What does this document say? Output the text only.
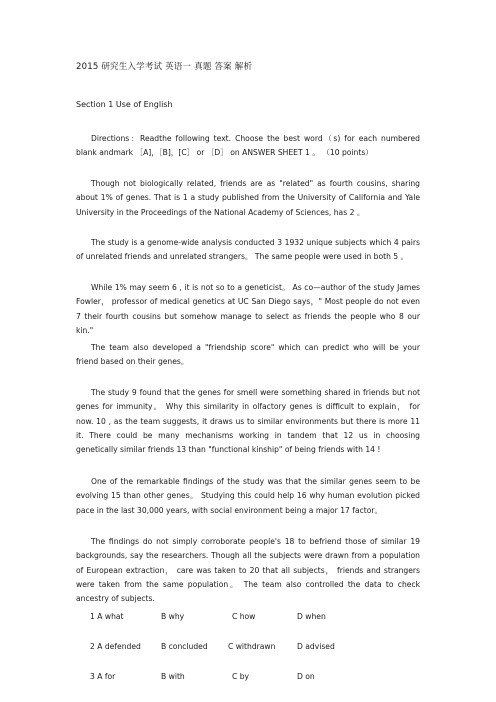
2015 研究生入学考试 英语一 真题 答案 解析
Section 1 Use of English

Directions：Readthe following text. Choose the best word（s) for each numbered blank andmark ［A]，［B]，[C］ or ［D］ on ANSWER SHEET 1 。 （10 points）

Though not biologically related, friends are as "related" as fourth cousins, sharing about 1% of genes. That is 1 a study published from the University of California and Yale University in the Proceedings of the National Academy of Sciences, has 2 。

The study is a genome-wide analysis conducted 3 1932 unique subjects which 4 pairs of unrelated friends and unrelated strangers。 The same people were used in both 5 。

While 1% may seem 6 , it is not so to a geneticist。 As co—author of the study James Fowler， professor of medical genetics at UC San Diego says，" Most people do not even 7 their fourth cousins but somehow manage to select as friends the people who 8 our kin."

The team also developed a "friendship score" which can predict who will be your friend based on their genes。

The study 9 found that the genes for smell were something shared in friends but not genes for immunity。 Why this similarity in olfactory genes is difficult to explain， for now. 10 , as the team suggests, it draws us to similar environments but there is more 11 it. There could be many mechanisms working in tandem that 12 us in choosing genetically similar friends 13 than "functional kinship" of being friends with 14 !

One of the remarkable findings of the study was that the similar genes seem to be evolving 15 than other genes。 Studying this could help 16 why human evolution picked pace in the last 30,000 years, with social environment being a major 17 factor。

The findings do not simply corroborate people's 18 to befriend those of similar 19 backgrounds, say the researchers. Though all the subjects were drawn from a population of European extraction， care was taken to 20 that all subjects， friends and strangers were taken from the same population。 The team also controlled the data to check ancestry of subjects.

1 A what	B why	C how	D when
2 A defended	B concluded	C withdrawn	D advised
3 A for	B with	C by	D on
